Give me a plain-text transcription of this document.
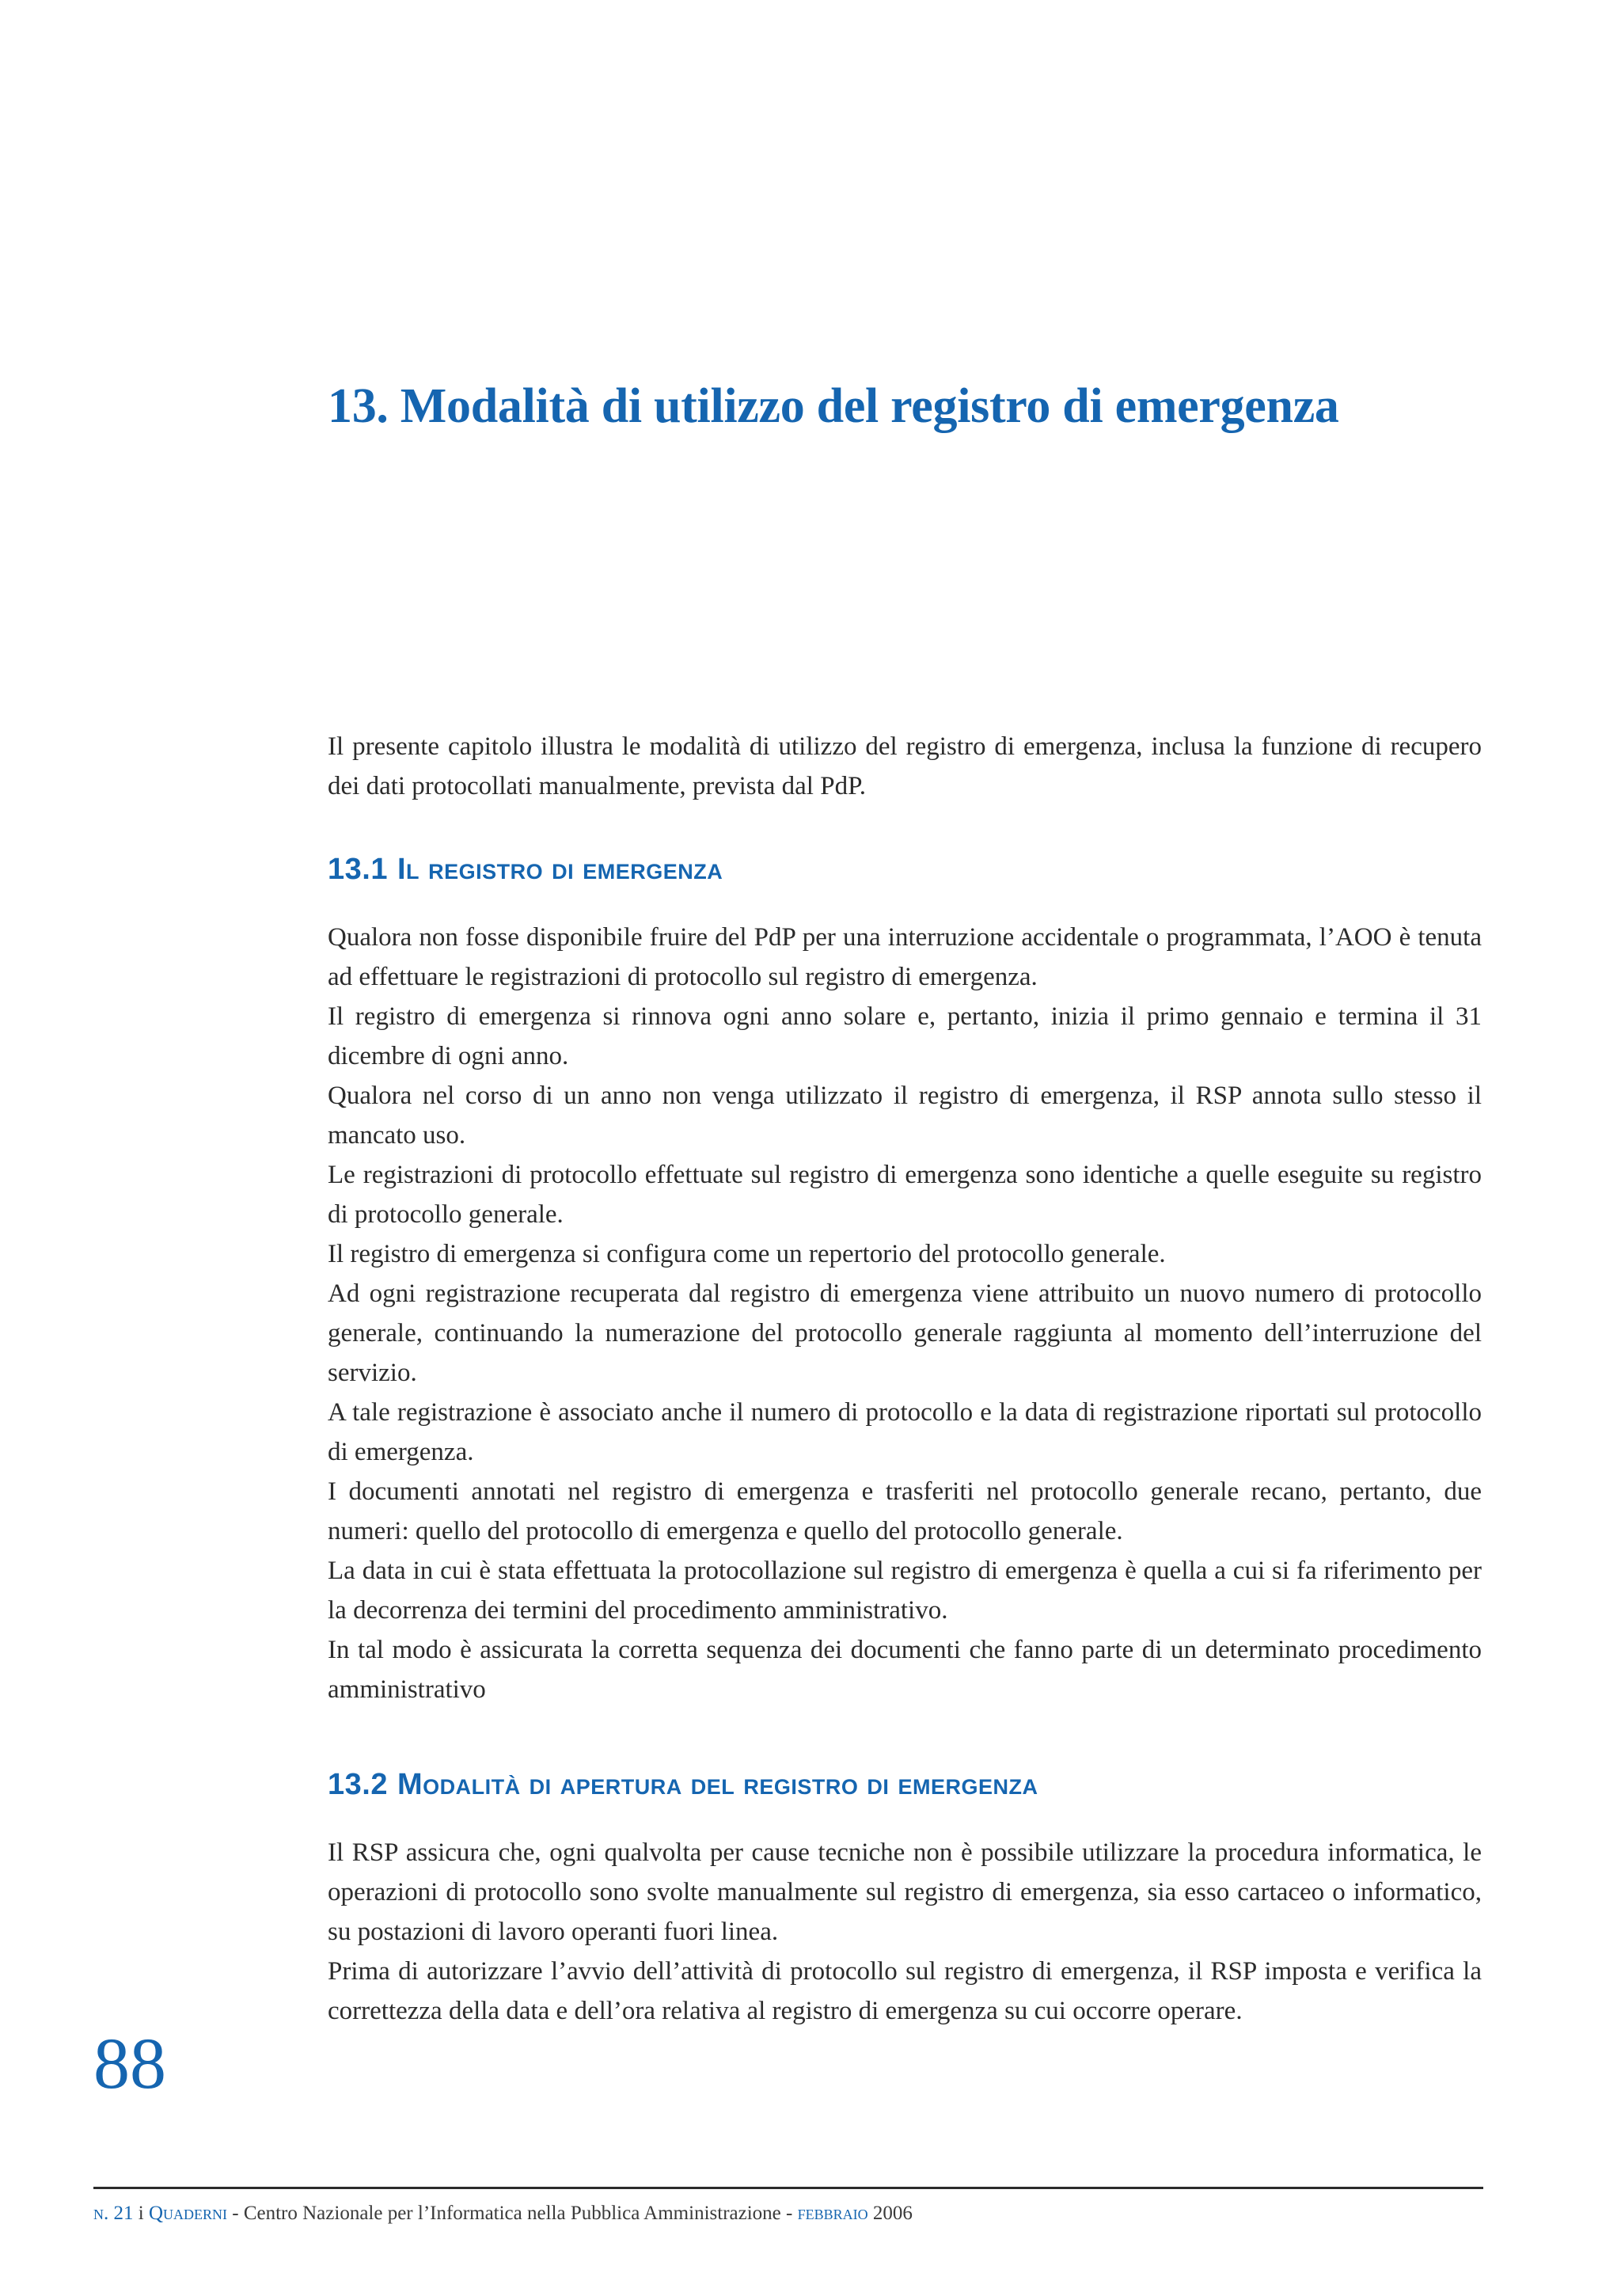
13. Modalità di utilizzo del registro di emergenza

Il presente capitolo illustra le modalità di utilizzo del registro di emergenza, inclusa la funzione di recupero dei dati protocollati manualmente, prevista dal PdP.

13.1 Il registro di emergenza

Qualora non fosse disponibile fruire del PdP per una interruzione accidentale o programmata, l’AOO è tenuta ad effettuare le registrazioni di protocollo sul registro di emergenza.

Il registro di emergenza si rinnova ogni anno solare e, pertanto, inizia il primo gennaio e termina il 31 dicembre di ogni anno.

Qualora nel corso di un anno non venga utilizzato il registro di emergenza, il RSP annota sullo stesso il mancato uso.

Le registrazioni di protocollo effettuate sul registro di emergenza sono identiche a quelle eseguite su registro di protocollo generale.

Il registro di emergenza si configura come un repertorio del protocollo generale.

Ad ogni registrazione recuperata dal registro di emergenza viene attribuito un nuovo numero di protocollo generale, continuando la numerazione del protocollo generale raggiunta al momento dell’interruzione del servizio.

A tale registrazione è associato anche il numero di protocollo e la data di registrazione riportati sul protocollo di emergenza.

I documenti annotati nel registro di emergenza e trasferiti nel protocollo generale recano, pertanto, due numeri: quello del protocollo di emergenza e quello del protocollo generale.

La data in cui è stata effettuata la protocollazione sul registro di emergenza è quella a cui si fa riferimento per la decorrenza dei termini del procedimento amministrativo.

In tal modo è assicurata la corretta sequenza dei documenti che fanno parte di un determinato procedimento amministrativo

13.2 Modalità di apertura del registro di emergenza

Il RSP assicura che, ogni qualvolta per cause tecniche non è possibile utilizzare la procedura informatica, le operazioni di protocollo sono svolte manualmente sul registro di emergenza, sia esso cartaceo o informatico, su postazioni di lavoro operanti fuori linea.

Prima di autorizzare l’avvio dell’attività di protocollo sul registro di emergenza, il RSP imposta e verifica la correttezza della data e dell’ora relativa al registro di emergenza su cui occorre operare.

88
n. 21 i Quaderni - Centro Nazionale per l’Informatica nella Pubblica Amministrazione - febbraio 2006
